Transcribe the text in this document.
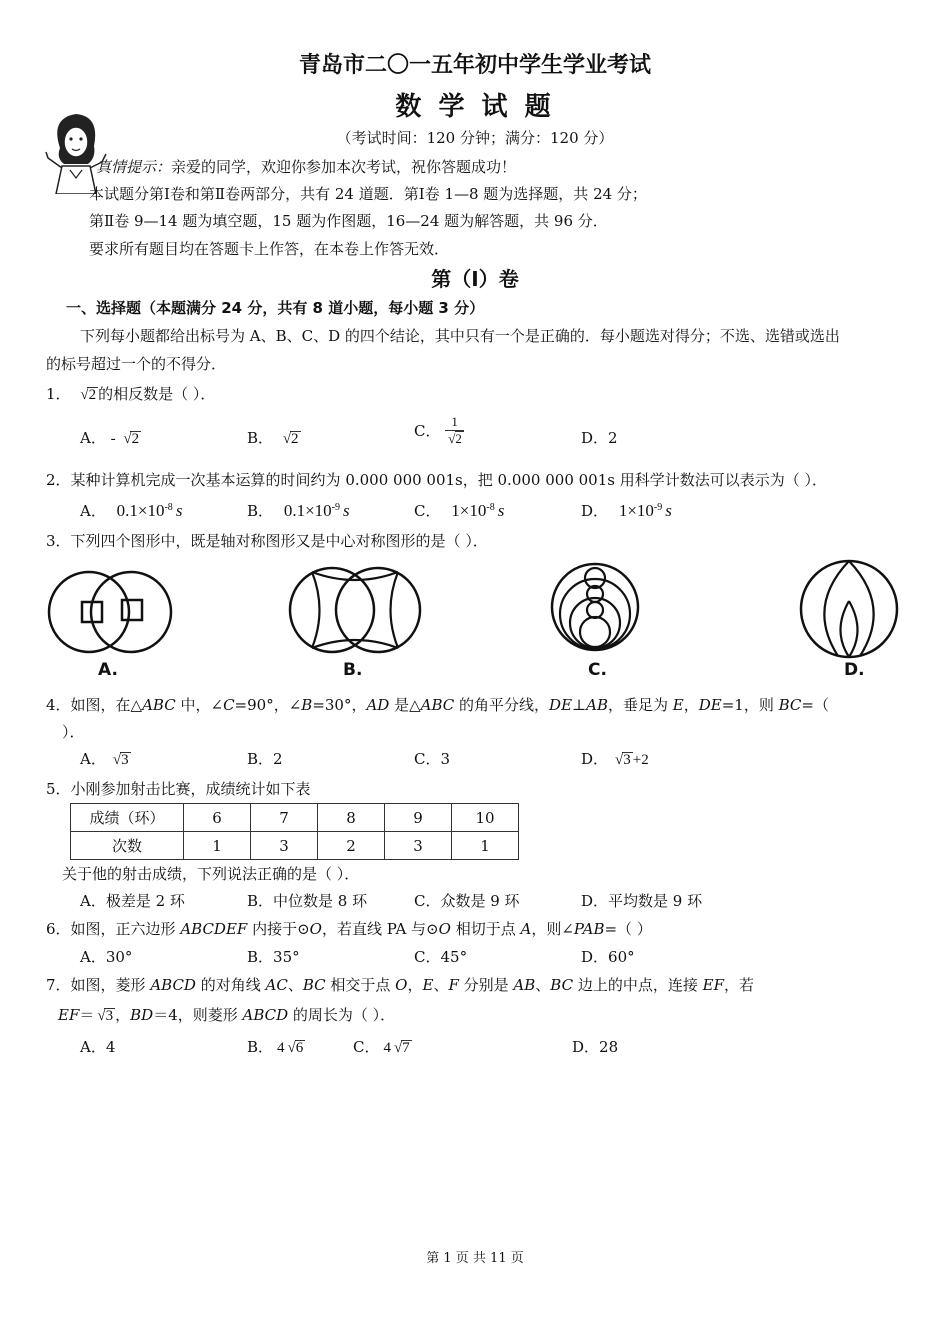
青岛市二〇一五年初中学生学业考试
数 学 试 题
（考试时间：120 分钟；满分：120 分）
真情提示：亲爱的同学，欢迎你参加本次考试，祝你答题成功！
本试题分第Ⅰ卷和第Ⅱ卷两部分，共有 24 道题．第Ⅰ卷 1—8 题为选择题，共 24 分；
第Ⅱ卷 9—14 题为填空题，15 题为作图题，16—24 题为解答题，共 96 分．
要求所有题目均在答题卡上作答，在本卷上作答无效．
第（Ⅰ）卷
一、选择题（本题满分 24 分，共有 8 道小题，每小题 3 分）
下列每小题都给出标号为 A、B、C、D 的四个结论，其中只有一个是正确的．每小题选对得分；不选、选错或选出
的标号超过一个的不得分．
1． √ 2 的相反数是（ ）．
A． - √ 2	B． √ 2	C． 1
√ 2	D．2
2．某种计算机完成一次基本运算的时间约为 0.000 000 001s，把 0.000 000 001s 用科学计数法可以表示为（ ）．
A． $0.1\times 10^{-8}$ s	B． $0.1\times 10^{-9}$ s	C． $1\times 10^{-8}$ s	D． $1\times 10^{-9}$ s
3．下列四个图形中，既是轴对称图形又是中心对称图形的是（ ）．
A.	B.	C.	D.
4．如图，在△ABC 中，∠C=90°，∠B=30°，AD 是△ABC 的角平分线，DE⊥AB，垂足为 E，DE=1，则 BC=（
）．
A． √ 3	B．2	C．3	D． √ 3 +2
5．小刚参加射击比赛，成绩统计如下表
成绩（环）	6	7	8	9	10
次数	1	3	2	3	1
关于他的射击成绩，下列说法正确的是（ ）．
A．极差是 2 环	B．中位数是 8 环	C．众数是 9 环	D．平均数是 9 环
6．如图，正六边形 ABCDEF 内接于⊙O，若直线 PA 与⊙O 相切于点 A，则∠PAB=（ ）
A．30°	B．35°	C．45°	D．60°
7．如图，菱形 ABCD 的对角线 AC、BC 相交于点 O，E、F 分别是 AB、BC 边上的中点，连接 EF，若
EF＝ √ 3 ，BD＝4，则菱形 ABCD 的周长为（ ）．
A．4	B． 4 √ 6	C． 4 √ 7	D．28
第 1 页 共 11 页
